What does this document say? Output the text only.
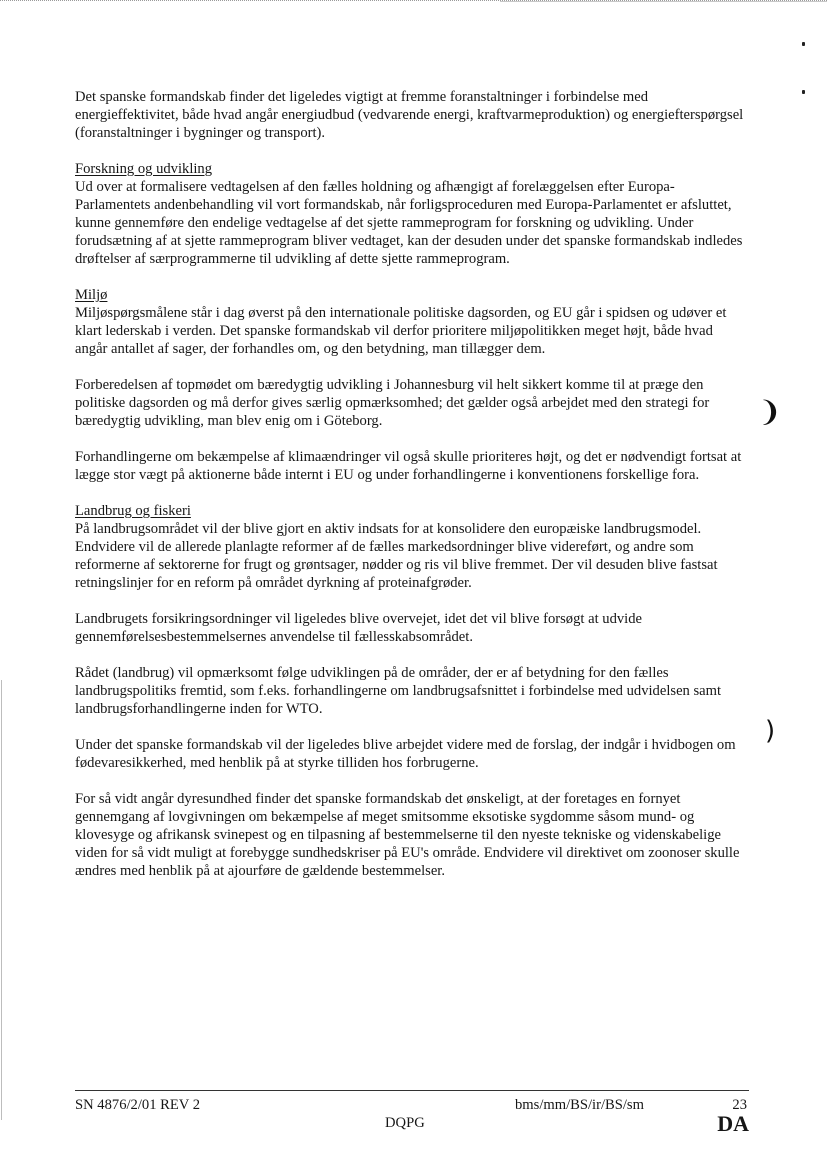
❩
)

Det spanske formandskab finder det ligeledes vigtigt at fremme foranstaltninger i forbindelse med energieffektivitet, både hvad angår energiudbud (vedvarende energi, kraftvarmeproduktion) og energiefterspørgsel (foranstaltninger i bygninger og transport).

Forskning og udvikling

Ud over at formalisere vedtagelsen af den fælles holdning og afhængigt af forelæggelsen efter Europa-Parlamentets andenbehandling vil vort formandskab, når forligsproceduren med Europa-Parlamentet er afsluttet, kunne gennemføre den endelige vedtagelse af det sjette rammeprogram for forskning og udvikling. Under forudsætning af at sjette rammeprogram bliver vedtaget, kan der desuden under det spanske formandskab indledes drøftelser af særprogrammerne til udvikling af dette sjette rammeprogram.

Miljø

Miljøspørgsmålene står i dag øverst på den internationale politiske dagsorden, og EU går i spidsen og udøver et klart lederskab i verden. Det spanske formandskab vil derfor prioritere miljøpolitikken meget højt, både hvad angår antallet af sager, der forhandles om, og den betydning, man tillægger dem.

Forberedelsen af topmødet om bæredygtig udvikling i Johannesburg vil helt sikkert komme til at præge den politiske dagsorden og må derfor gives særlig opmærksomhed; det gælder også arbejdet med den strategi for bæredygtig udvikling, man blev enig om i Göteborg.

Forhandlingerne om bekæmpelse af klimaændringer vil også skulle prioriteres højt, og det er nødvendigt fortsat at lægge stor vægt på aktionerne både internt i EU og under forhandlingerne i konventionens forskellige fora.

Landbrug og fiskeri

På landbrugsområdet vil der blive gjort en aktiv indsats for at konsolidere den europæiske landbrugsmodel. Endvidere vil de allerede planlagte reformer af de fælles markedsordninger blive videreført, og andre som reformerne af sektorerne for frugt og grøntsager, nødder og ris vil blive fremmet. Der vil desuden blive fastsat retningslinjer for en reform på området dyrkning af proteinafgrøder.

Landbrugets forsikringsordninger vil ligeledes blive overvejet, idet det vil blive forsøgt at udvide gennemførelsesbestemmelsernes anvendelse til fællesskabsområdet.

Rådet (landbrug) vil opmærksomt følge udviklingen på de områder, der er af betydning for den fælles landbrugspolitiks fremtid, som f.eks. forhandlingerne om landbrugsafsnittet i forbindelse med udvidelsen samt landbrugsforhandlingerne inden for WTO.

Under det spanske formandskab vil der ligeledes blive arbejdet videre med de forslag, der indgår i hvidbogen om fødevaresikkerhed, med henblik på at styrke tilliden hos forbrugerne.

For så vidt angår dyresundhed finder det spanske formandskab det ønskeligt, at der foretages en fornyet gennemgang af lovgivningen om bekæmpelse af meget smitsomme eksotiske sygdomme såsom mund- og klovesyge og afrikansk svinepest og en tilpasning af bestemmelserne til den nyeste tekniske og videnskabelige viden for så vidt muligt at forebygge sundhedskriser på EU's område. Endvidere vil direktivet om zoonoser skulle ændres med henblik på at ajourføre de gældende bestemmelser.

SN 4876/2/01 REV 2	bms/mm/BS/ir/BS/sm	23
DQPG	DA
